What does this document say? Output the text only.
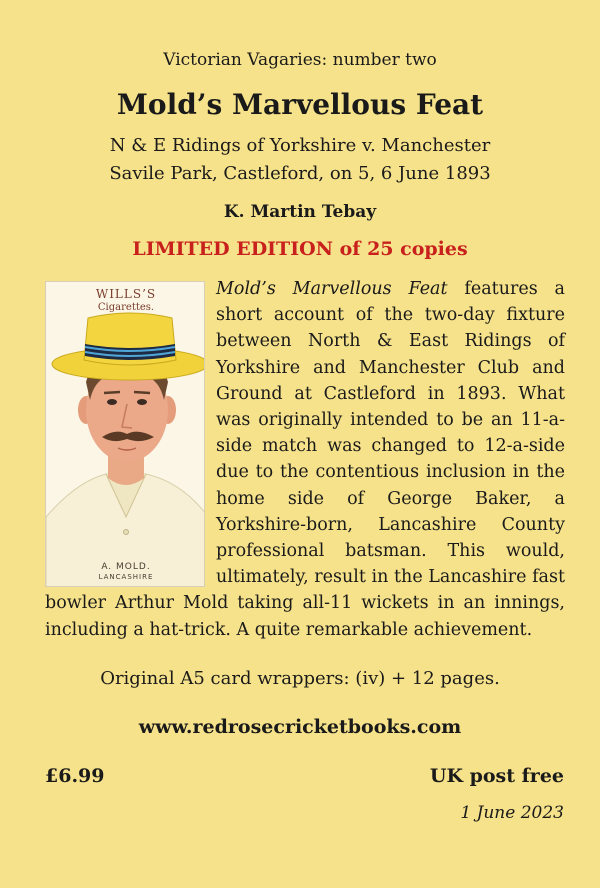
Victorian Vagaries: number two
Mold’s Marvellous Feat
N & E Ridings of Yorkshire v. Manchester
Savile Park, Castleford, on 5, 6 June 1893
K. Martin Tebay
LIMITED EDITION of 25 copies
WILLS’S
Cigarettes.
A. MOLD.
LANCASHIRE
Mold’s Marvellous Feat features a
short account of the two-day fixture
between North & East Ridings of
Yorkshire and Manchester Club and
Ground at Castleford in 1893. What
was originally intended to be an 11-a-
side match was changed to 12-a-side
due to the contentious inclusion in the
home side of George Baker, a
Yorkshire-born, Lancashire County
professional batsman. This would,
ultimately, result in the Lancashire fast
bowler Arthur Mold taking all-11 wickets in an innings,
including a hat-trick. A quite remarkable achievement.
Original A5 card wrappers: (iv) + 12 pages.
www.redrosecricketbooks.com
£6.99	UK post free
1 June 2023
